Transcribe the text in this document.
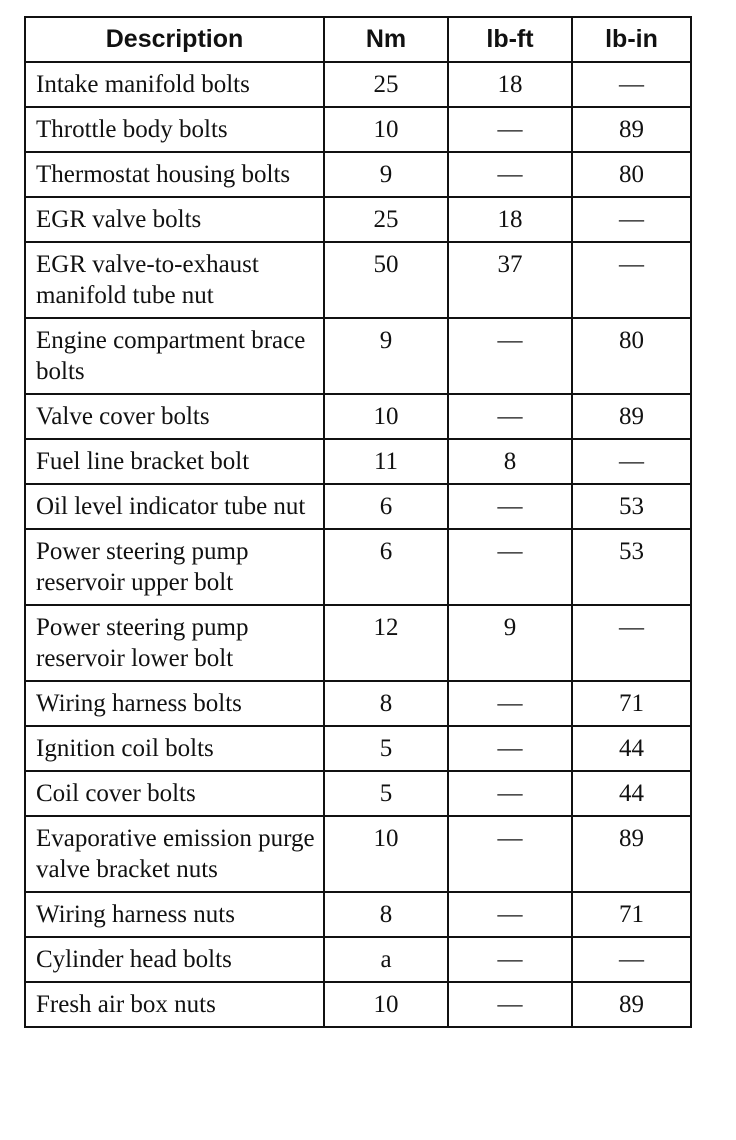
Description	Nm	lb-ft	lb-in
Intake manifold bolts	25	18	—
Throttle body bolts	10	—	89
Thermostat housing bolts	9	—	80
EGR valve bolts	25	18	—
EGR valve-to-exhaust manifold tube nut	50	37	—
Engine compartment brace bolts	9	—	80
Valve cover bolts	10	—	89
Fuel line bracket bolt	11	8	—
Oil level indicator tube nut	6	—	53
Power steering pump reservoir upper bolt	6	—	53
Power steering pump reservoir lower bolt	12	9	—
Wiring harness bolts	8	—	71
Ignition coil bolts	5	—	44
Coil cover bolts	5	—	44
Evaporative emission purge valve bracket nuts	10	—	89
Wiring harness nuts	8	—	71
Cylinder head bolts	a	—	—
Fresh air box nuts	10	—	89
